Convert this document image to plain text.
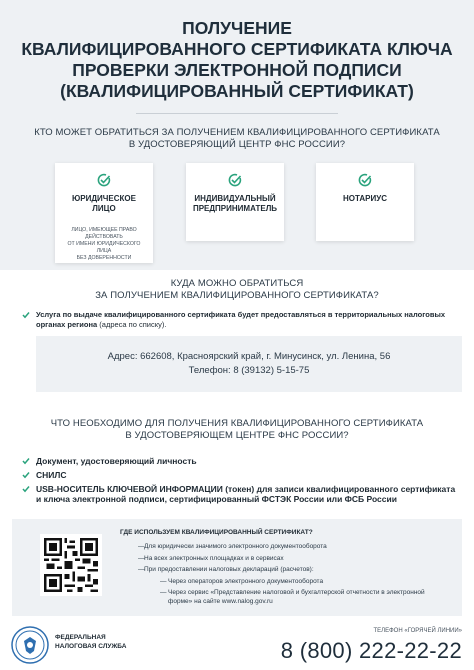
ПОЛУЧЕНИЕ
КВАЛИФИЦИРОВАННОГО СЕРТИФИКАТА КЛЮЧА
ПРОВЕРКИ ЭЛЕКТРОННОЙ ПОДПИСИ
(КВАЛИФИЦИРОВАННЫЙ СЕРТИФИКАТ)
КТО МОЖЕТ ОБРАТИТЬСЯ ЗА ПОЛУЧЕНИЕМ КВАЛИФИЦИРОВАННОГО СЕРТИФИКАТА
В УДОСТОВЕРЯЮЩИЙ ЦЕНТР ФНС РОССИИ?
ЮРИДИЧЕСКОЕ
ЛИЦО
ЛИЦО, ИМЕЮЩЕЕ ПРАВО ДЕЙСТВОВАТЬ
ОТ ИМЕНИ ЮРИДИЧЕСКОГО ЛИЦА
БЕЗ ДОВЕРЕННОСТИ
ИНДИВИДУАЛЬНЫЙ
ПРЕДПРИНИМАТЕЛЬ
НОТАРИУС
КУДА МОЖНО ОБРАТИТЬСЯ
ЗА ПОЛУЧЕНИЕМ КВАЛИФИЦИРОВАННОГО СЕРТИФИКАТА?
Услуга по выдаче квалифицированного сертификата будет предоставляться в территориальных налоговых органах региона (адреса по списку).
Адрес: 662608, Красноярский край, г. Минусинск, ул. Ленина, 56
Телефон: 8 (39132) 5-15-75
ЧТО НЕОБХОДИМО ДЛЯ ПОЛУЧЕНИЯ КВАЛИФИЦИРОВАННОГО СЕРТИФИКАТА
В УДОСТОВЕРЯЮЩЕМ ЦЕНТРЕ ФНС РОССИИ?
Документ, удостоверяющий личность
СНИЛС
USB-НОСИТЕЛЬ КЛЮЧЕВОЙ ИНФОРМАЦИИ (токен) для записи квалифицированного сертификата и ключа электронной подписи, сертифицированный ФСТЭК России или ФСБ России
ГДЕ ИСПОЛЬЗУЕМ КВАЛИФИЦИРОВАННЫЙ СЕРТИФИКАТ?
— Для юридически значимого электронного документооборота
— На всех электронных площадках и в сервисах
— При предоставлении налоговых деклараций (расчетов):
— Через операторов электронного документооборота
— Через сервис «Представление налоговой и бухгалтерской отчетности в электронной форме» на сайте www.nalog.gov.ru
ФЕДЕРАЛЬНАЯ
НАЛОГОВАЯ СЛУЖБА
ТЕЛЕФОН «ГОРЯЧЕЙ ЛИНИИ»
8 (800) 222-22-22
